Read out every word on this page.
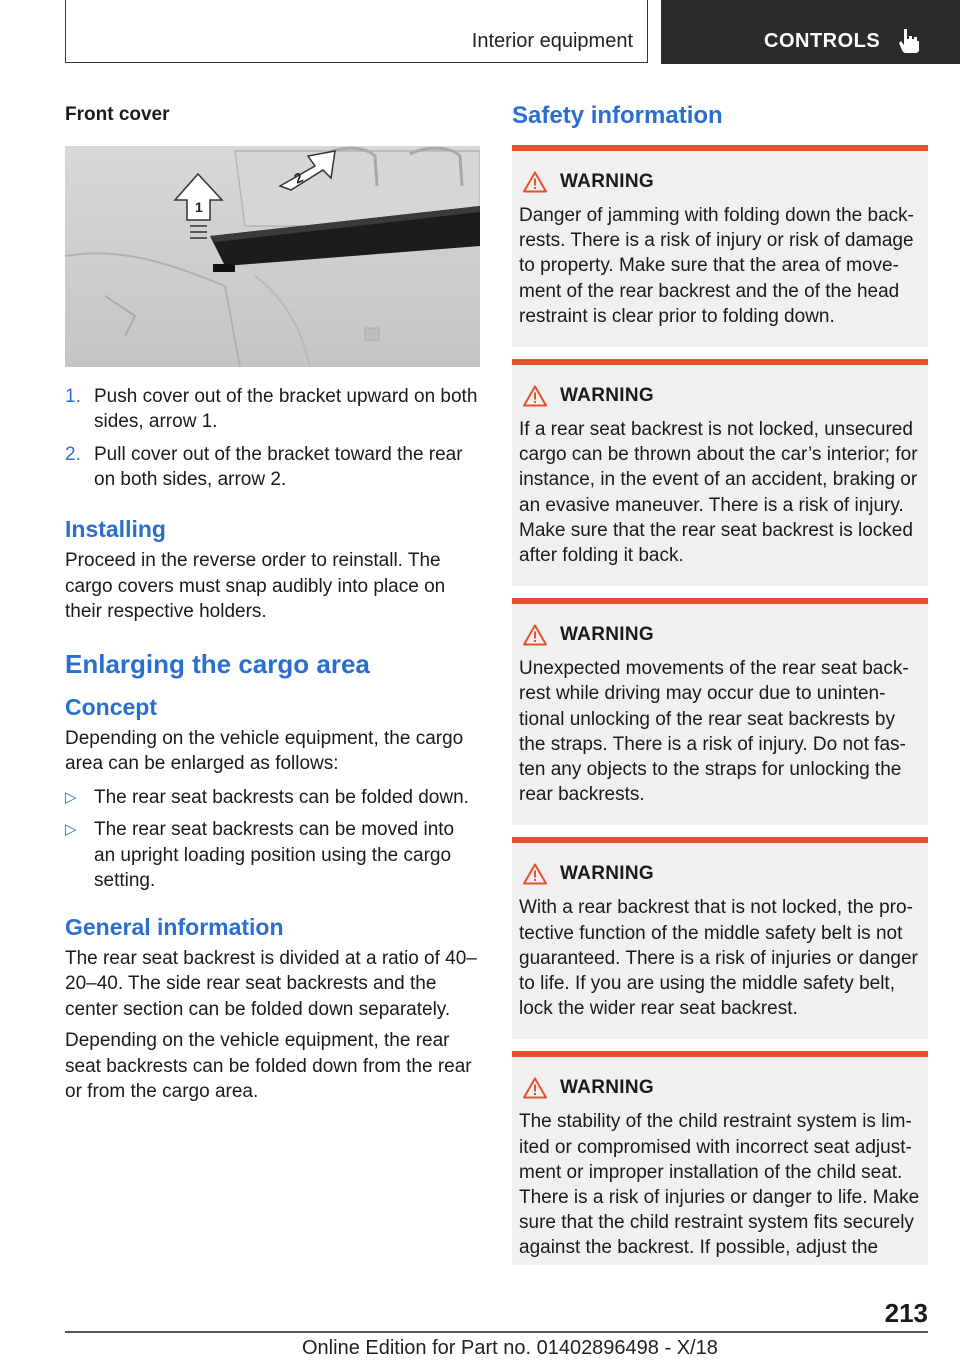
Interior equipment	CONTROLS

Front cover

1
2
1. Push cover out of the bracket upward on both sides, arrow 1.
2. Pull cover out of the bracket toward the rear on both sides, arrow 2.
Installing

Proceed in the reverse order to reinstall. The cargo covers must snap audibly into place on their respective holders.

Enlarging the cargo area
Concept

Depending on the vehicle equipment, the cargo area can be enlarged as follows:

▷ The rear seat backrests can be folded down.
▷ The rear seat backrests can be moved into an upright loading position using the cargo setting.
General information

The rear seat backrest is divided at a ratio of 40–20–40. The side rear seat backrests and the center section can be folded down separately.

Depending on the vehicle equipment, the rear seat backrests can be folded down from the rear or from the cargo area.

Safety information
WARNING

Danger of jamming with folding down the backrests. There is a risk of injury or risk of damage to property. Make sure that the area of movement of the rear backrest and the of the head restraint is clear prior to folding down.

WARNING

If a rear seat backrest is not locked, unsecured cargo can be thrown about the car’s interior; for instance, in the event of an accident, braking or an evasive maneuver. There is a risk of injury. Make sure that the rear seat backrest is locked after folding it back.

WARNING

Unexpected movements of the rear seat backrest while driving may occur due to unintentional unlocking of the rear seat backrests by the straps. There is a risk of injury. Do not fasten any objects to the straps for unlocking the rear backrests.

WARNING

With a rear backrest that is not locked, the protective function of the middle safety belt is not guaranteed. There is a risk of injuries or danger to life. If you are using the middle safety belt, lock the wider rear seat backrest.

WARNING

The stability of the child restraint system is limited or compromised with incorrect seat adjustment or improper installation of the child seat. There is a risk of injuries or danger to life. Make sure that the child restraint system fits securely against the backrest. If possible, adjust the

213
Online Edition for Part no. 01402896498 - X/18
